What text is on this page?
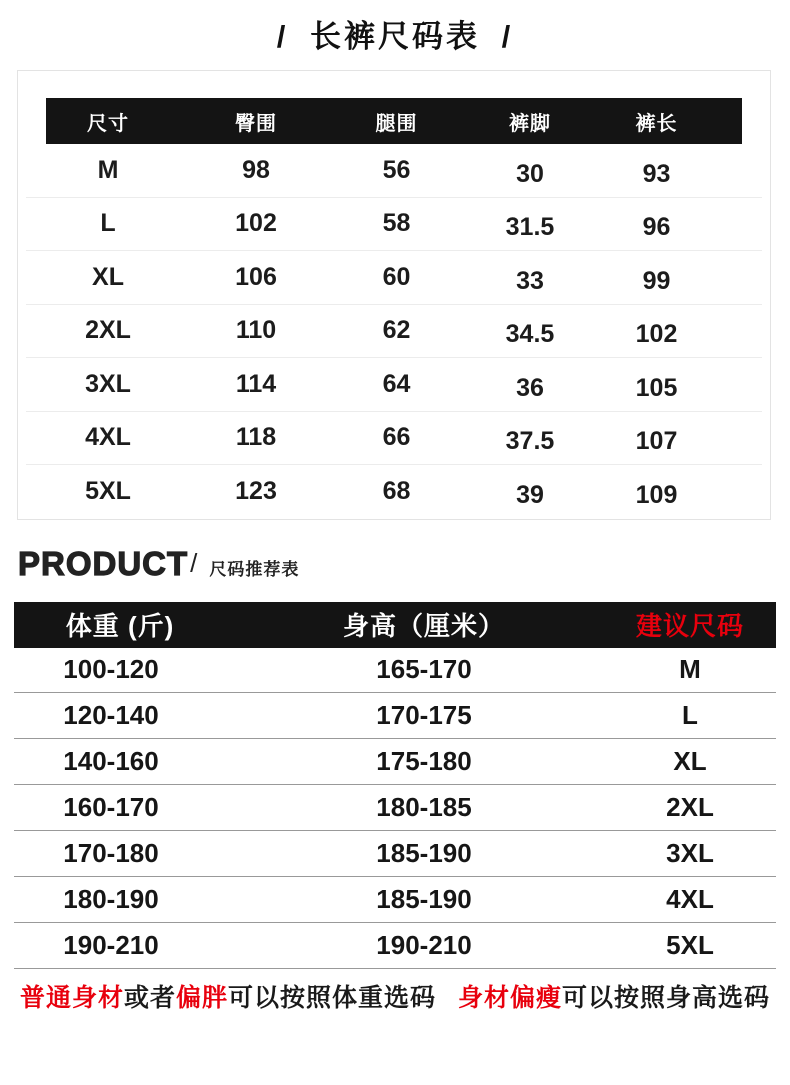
/ 长裤尺码表 /
尺寸	臀围	腿围	裤脚	裤长
M	98	56	30	93
L	102	58	31.5	96
XL	106	60	33	99
2XL	110	62	34.5	102
3XL	114	64	36	105
4XL	118	66	37.5	107
5XL	123	68	39	109
PRODUCT / 尺码推荐表
体重 (斤)	身高（厘米）	建议尺码
100-120	165-170	M
120-140	170-175	L
140-160	175-180	XL
160-170	180-185	2XL
170-180	185-190	3XL
180-190	185-190	4XL
190-210	190-210	5XL

普通身材或者偏胖可以按照体重选码 身材偏瘦可以按照身高选码
